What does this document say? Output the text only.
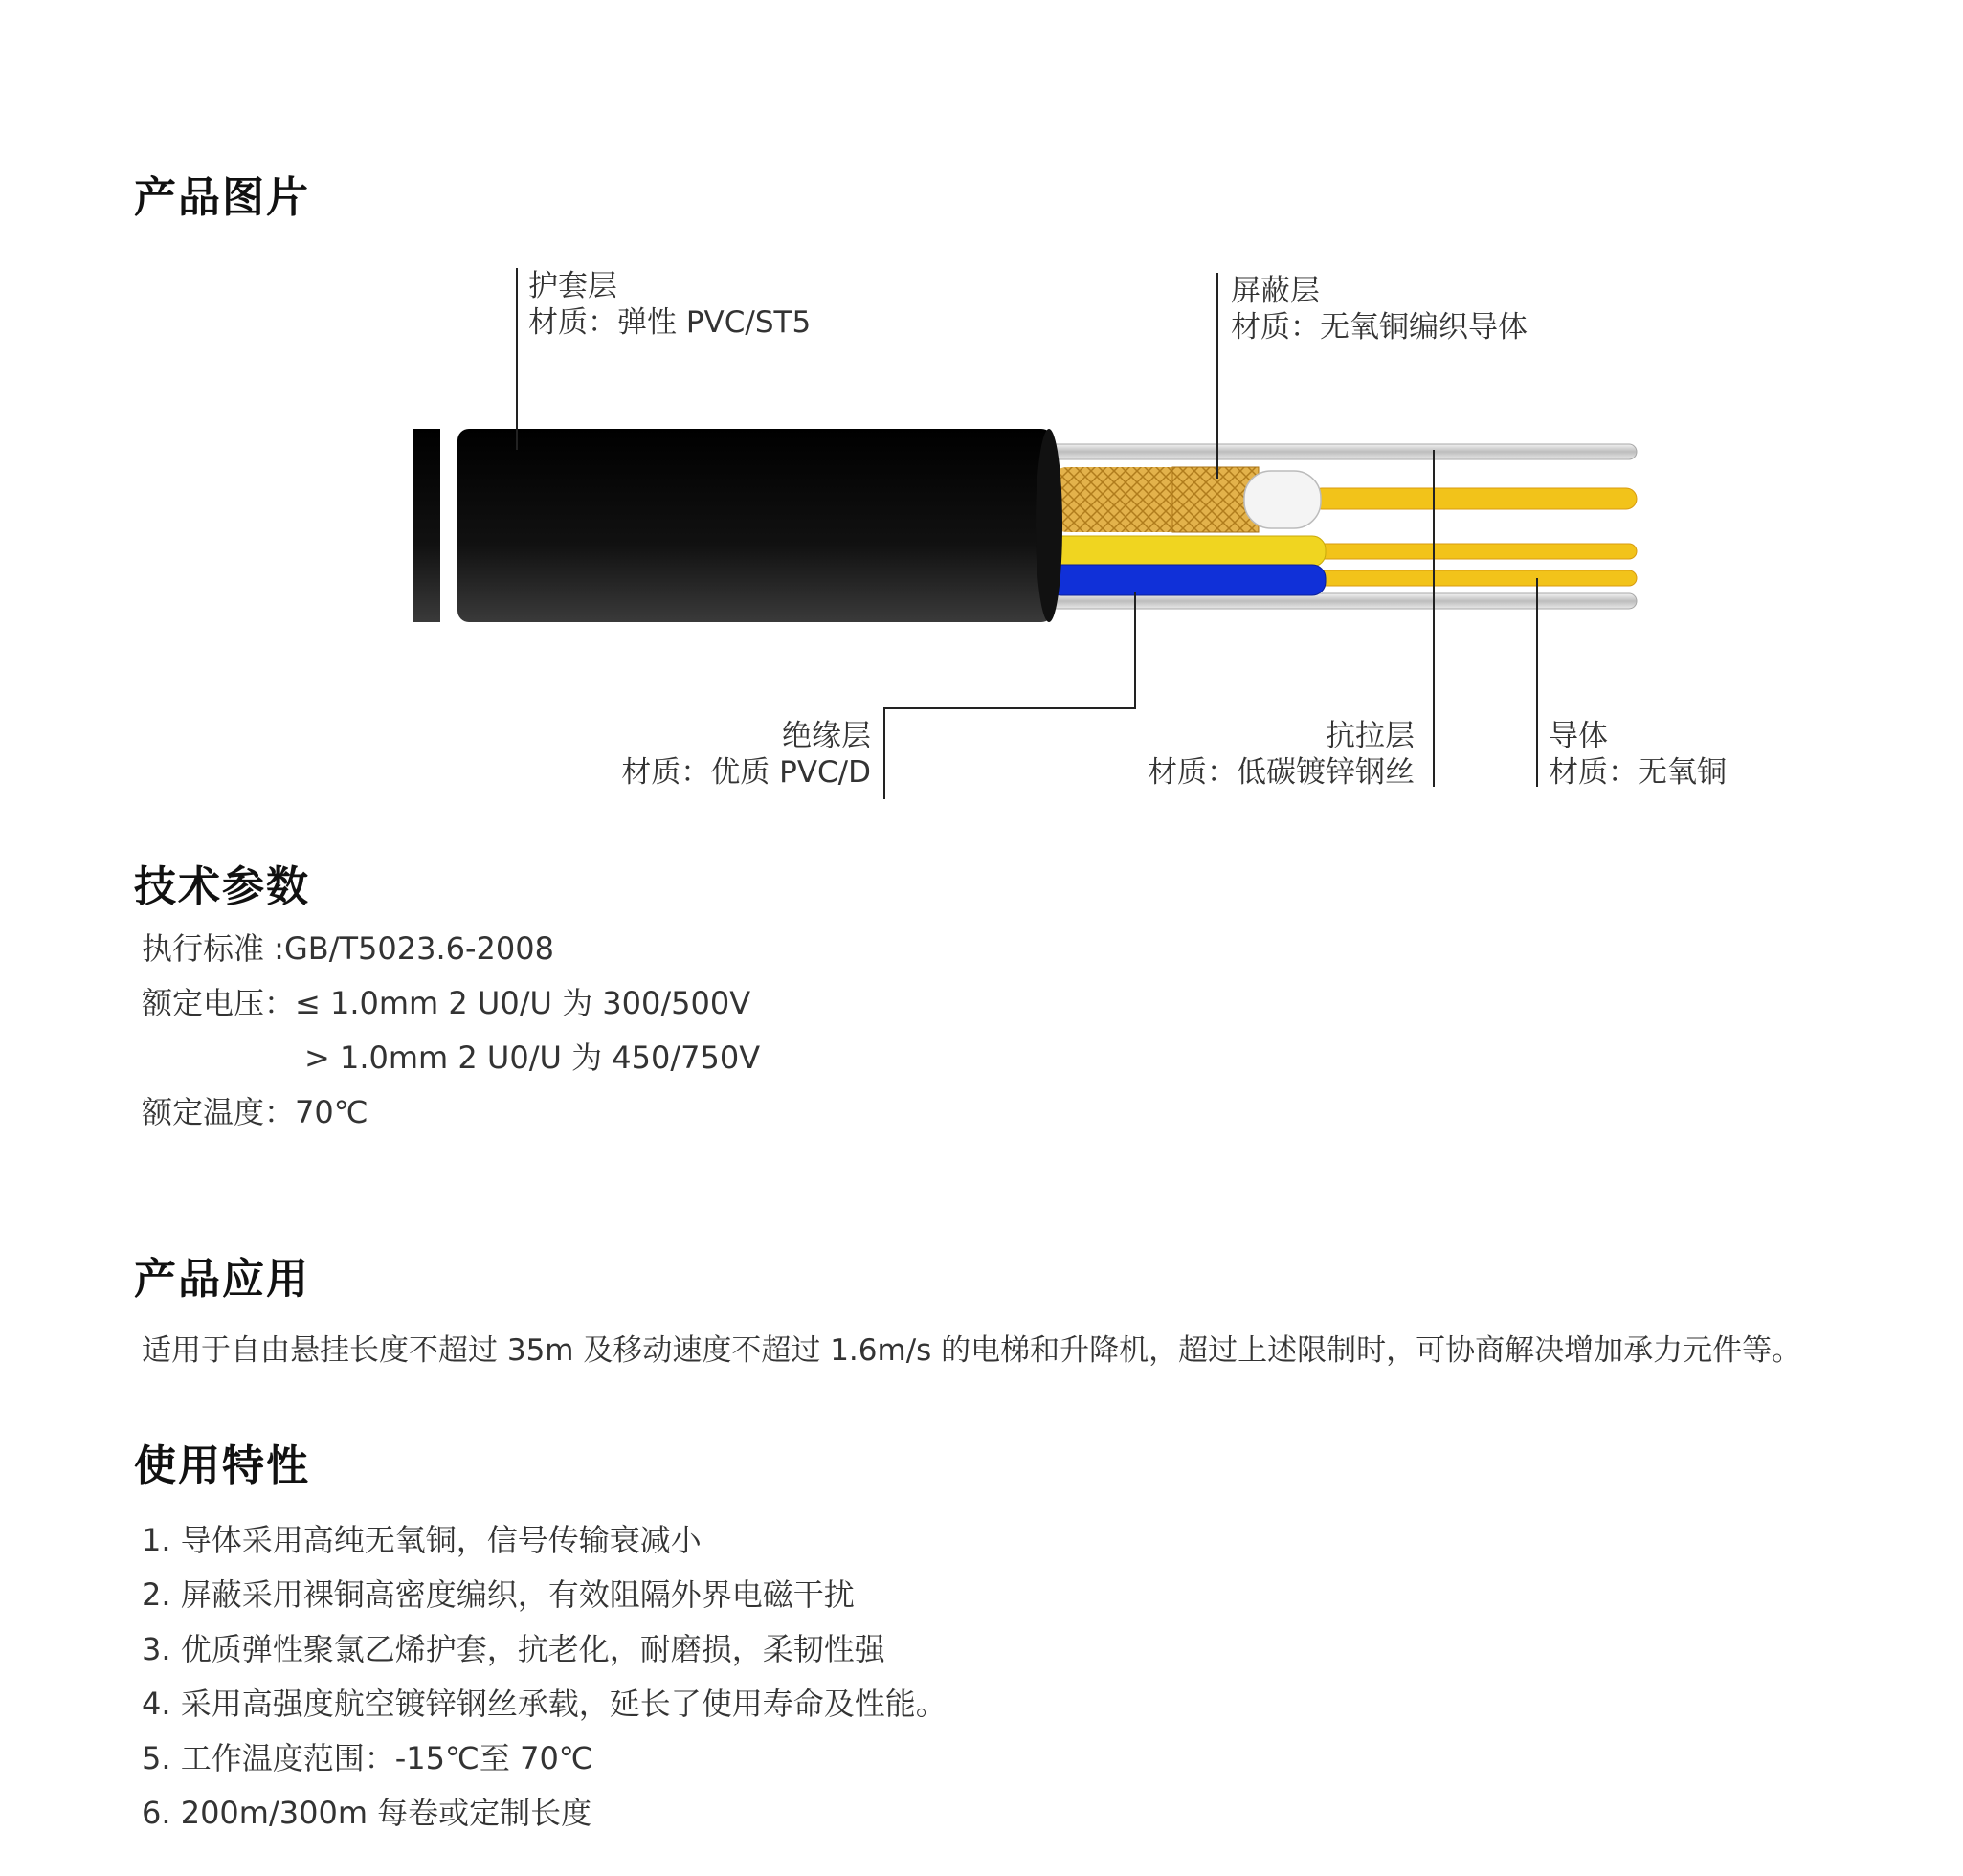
产品图片
技术参数
产品应用
使用特性
护套层
材质：弹性 PVC/ST5
屏蔽层
材质：无氧铜编织导体
绝缘层
材质：优质 PVC/D
抗拉层
材质：低碳镀锌钢丝
导体
材质：无氧铜
执行标准 :GB/T5023.6-2008
额定电压：≤ 1.0mm 2 U0/U 为 300/500V
> 1.0mm 2 U0/U 为 450/750V
额定温度：70℃
适用于自由悬挂长度不超过 35m 及移动速度不超过 1.6m/s 的电梯和升降机，超过上述限制时，可协商解决增加承力元件等。
1. 导体采用高纯无氧铜，信号传输衰减小
2. 屏蔽采用裸铜高密度编织，有效阻隔外界电磁干扰
3. 优质弹性聚氯乙烯护套，抗老化，耐磨损，柔韧性强
4. 采用高强度航空镀锌钢丝承载，延长了使用寿命及性能。
5. 工作温度范围：-15℃至 70℃
6. 200m/300m 每卷或定制长度
